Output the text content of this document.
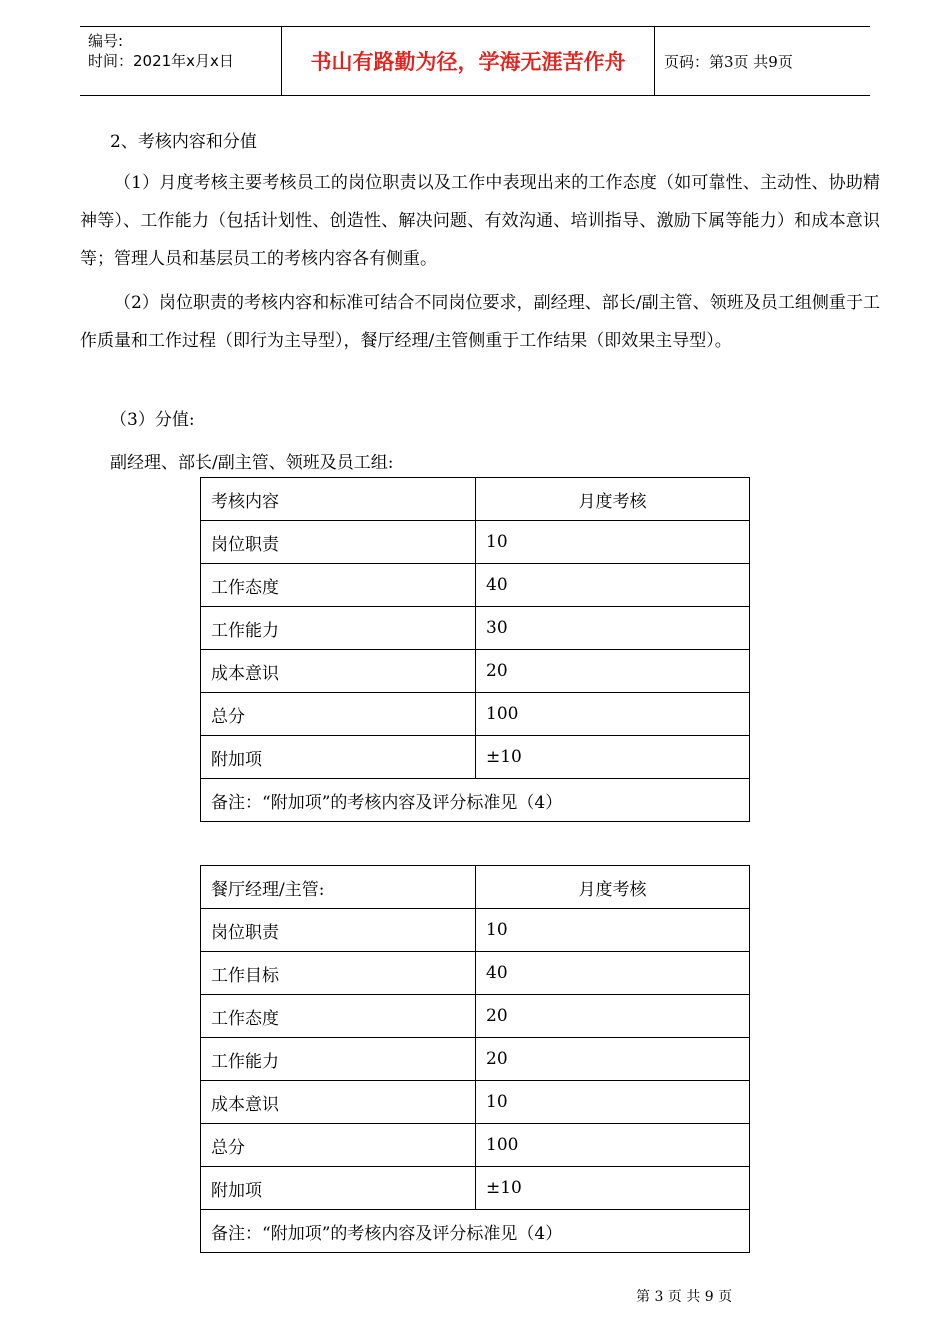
编号:
时间：2021年x月x日	书山有路勤为径，学海无涯苦作舟	页码：第3页 共9页
2、考核内容和分值
（1）月度考核主要考核员工的岗位职责以及工作中表现出来的工作态度（如可靠性、主动性、协助精神等）、工作能力（包括计划性、创造性、解决问题、有效沟通、培训指导、激励下属等能力）和成本意识等；管理人员和基层员工的考核内容各有侧重。
（2）岗位职责的考核内容和标准可结合不同岗位要求，副经理、部长/副主管、领班及员工组侧重于工作质量和工作过程（即行为主导型），餐厅经理/主管侧重于工作结果（即效果主导型）。
（3）分值:
副经理、部长/副主管、领班及员工组:
考核内容	月度考核
岗位职责	10
工作态度	40
工作能力	30
成本意识	20
总分	100
附加项	±10
备注：“附加项”的考核内容及评分标准见（4）	
餐厅经理/主管:	月度考核
岗位职责	10
工作目标	40
工作态度	20
工作能力	20
成本意识	10
总分	100
附加项	±10
备注：“附加项”的考核内容及评分标准见（4）	
第 3 页 共 9 页
